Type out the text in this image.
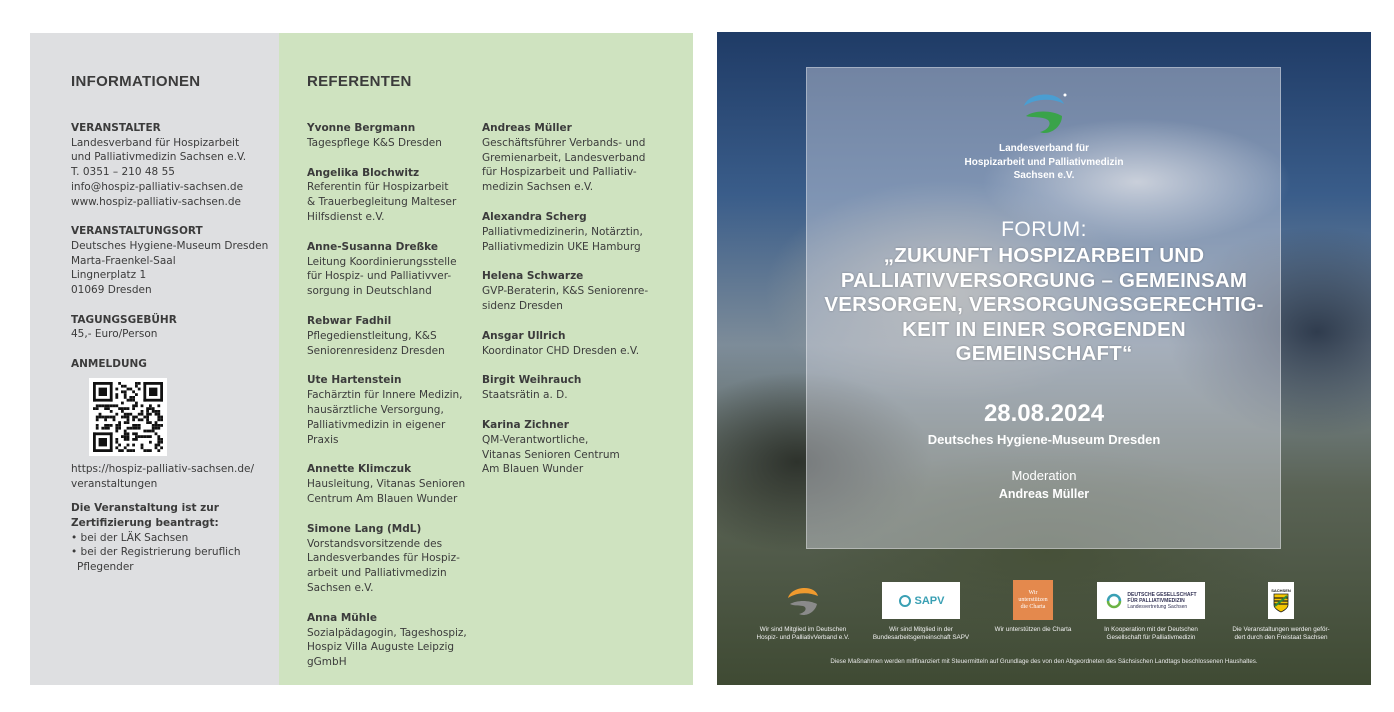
INFORMATIONEN
VERANSTALTER
Landesverband für Hospizarbeit
und Palliativmedizin Sachsen e.V.
T. 0351 – 210 48 55
info@hospiz-palliativ-sachsen.de
www.hospiz-palliativ-sachsen.de
VERANSTALTUNGSORT
Deutsches Hygiene-Museum Dresden
Marta-Fraenkel-Saal
Lingnerplatz 1
01069 Dresden
TAGUNGSGEBÜHR
45,- Euro/Person
ANMELDUNG
https://hospiz-palliativ-sachsen.de/
veranstaltungen
Die Veranstaltung ist zur
Zertifizierung beantragt:
• bei der LÄK Sachsen
• bei der Registrierung beruflich
Pflegender
REFERENTEN
Yvonne Bergmann
Tagespflege K&S Dresden
Angelika Blochwitz
Referentin für Hospizarbeit
& Trauerbegleitung Malteser
Hilfsdienst e.V.
Anne-Susanna Dreßke
Leitung Koordinierungsstelle
für Hospiz- und Palliativver-
sorgung in Deutschland
Rebwar Fadhil
Pflegedienstleitung, K&S
Seniorenresidenz Dresden
Ute Hartenstein
Fachärztin für Innere Medizin,
hausärztliche Versorgung,
Palliativmedizin in eigener
Praxis
Annette Klimczuk
Hausleitung, Vitanas Senioren
Centrum Am Blauen Wunder
Simone Lang (MdL)
Vorstandsvorsitzende des
Landesverbandes für Hospiz-
arbeit und Palliativmedizin
Sachsen e.V.
Anna Mühle
Sozialpädagogin, Tageshospiz,
Hospiz Villa Auguste Leipzig
gGmbH
Andreas Müller
Geschäftsführer Verbands- und
Gremienarbeit, Landesverband
für Hospizarbeit und Palliativ-
medizin Sachsen e.V.
Alexandra Scherg
Palliativmedizinerin, Notärztin,
Palliativmedizin UKE Hamburg
Helena Schwarze
GVP-Beraterin, K&S Seniorenre-
sidenz Dresden
Ansgar Ullrich
Koordinator CHD Dresden e.V.
Birgit Weihrauch
Staatsrätin a. D.
Karina Zichner
QM-Verantwortliche,
Vitanas Senioren Centrum
Am Blauen Wunder
Landesverband für
Hospizarbeit und Palliativmedizin
Sachsen e.V.
FORUM:
„ZUKUNFT HOSPIZARBEIT UND
PALLIATIVVERSORGUNG – GEMEINSAM
VERSORGEN, VERSORGUNGSGERECHTIG-
KEIT IN EINER SORGENDEN
GEMEINSCHAFT“
28.08.2024
Deutsches Hygiene-Museum Dresden
Moderation
Andreas Müller
Wir sind Mitglied im Deutschen
Hospiz- und PalliativVerband e.V.
SAPV
Wir sind Mitglied in der
Bundesarbeitsgemeinschaft SAPV
Wir
unterstützen
die Charta
Wir unterstützen die Charta
DEUTSCHE GESELLSCHAFT
FÜR PALLIATIVMEDIZIN
Landesvertretung Sachsen
In Kooperation mit der Deutschen
Gesellschaft für Palliativmedizin
SACHSEN
Die Veranstaltungen werden geför-
dert durch den Freistaat Sachsen
Diese Maßnahmen werden mitfinanziert mit Steuermitteln auf Grundlage des von den Abgeordneten des Sächsischen Landtags beschlossenen Haushaltes.
